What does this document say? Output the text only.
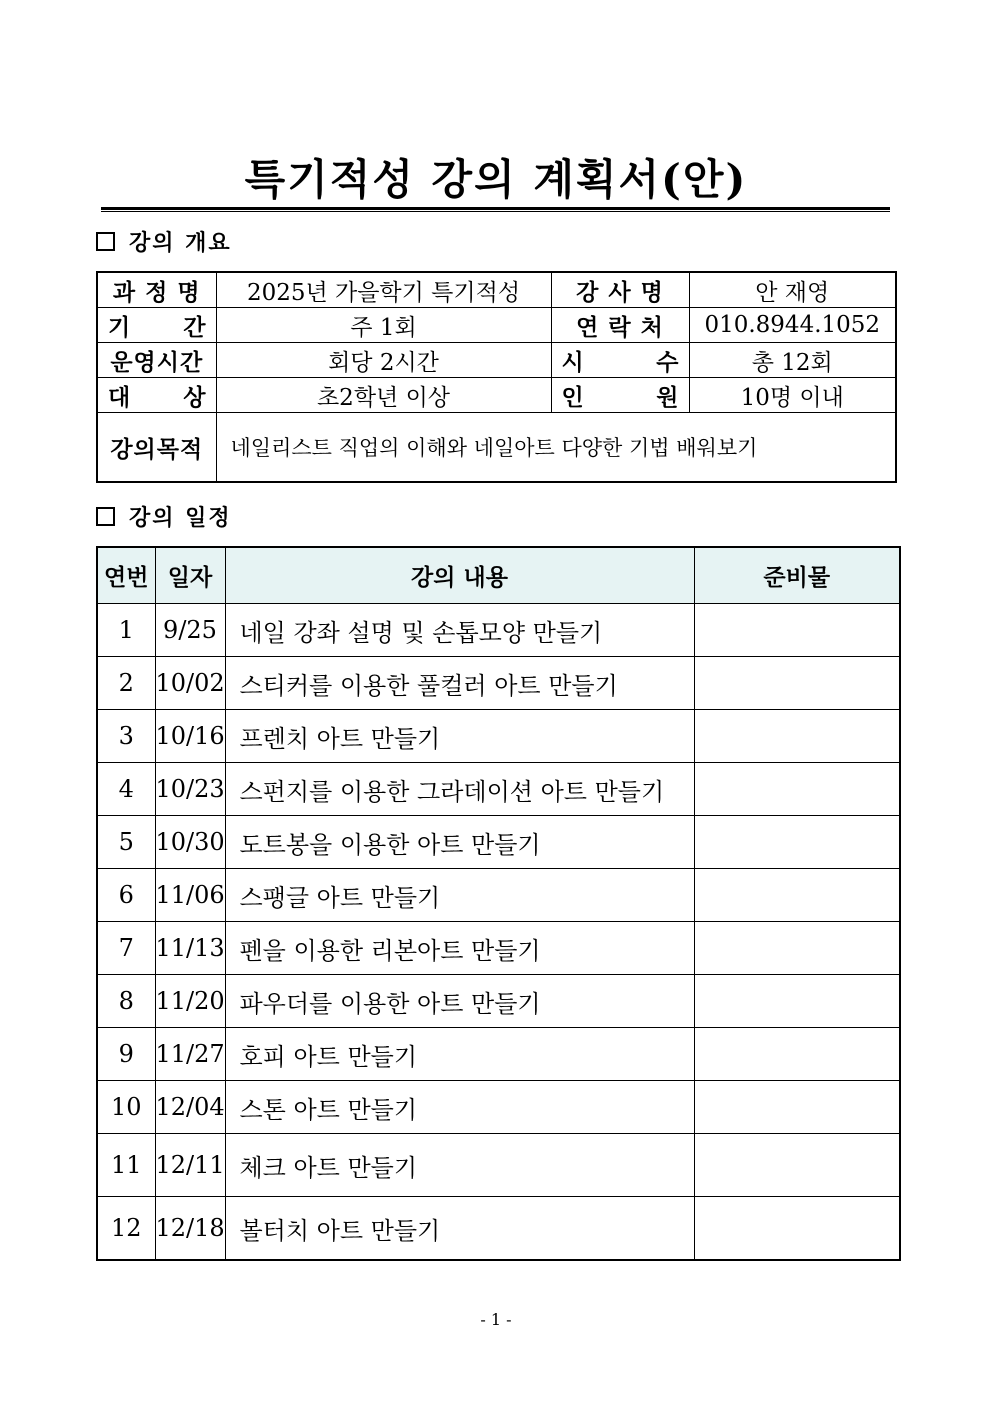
특기적성 강의 계획서(안)
강의 개요
과 정 명	2025년 가을학기 특기적성	강 사 명	안 재영

기 간	주 1회	연 락 처	010.8944.1052
운영시간	회당 2시간	시 수	총 12회

대 상	초2학년 이상	인 원	10명 이내
강의목적	네일리스트 직업의 이해와 네일아트 다양한 기법 배워보기		
강의 일정
연번	일자	강의 내용	준비물
1	9/25	네일 강좌 설명 및 손톱모양 만들기	
2	10/02	스티커를 이용한 풀컬러 아트 만들기	
3	10/16	프렌치 아트 만들기	
4	10/23	스펀지를 이용한 그라데이션 아트 만들기	
5	10/30	도트봉을 이용한 아트 만들기	
6	11/06	스팽글 아트 만들기	
7	11/13	펜을 이용한 리본아트 만들기	
8	11/20	파우더를 이용한 아트 만들기	
9	11/27	호피 아트 만들기	
10	12/04	스톤 아트 만들기	
11	12/11	체크 아트 만들기	
12	12/18	볼터치 아트 만들기	
- 1 -
